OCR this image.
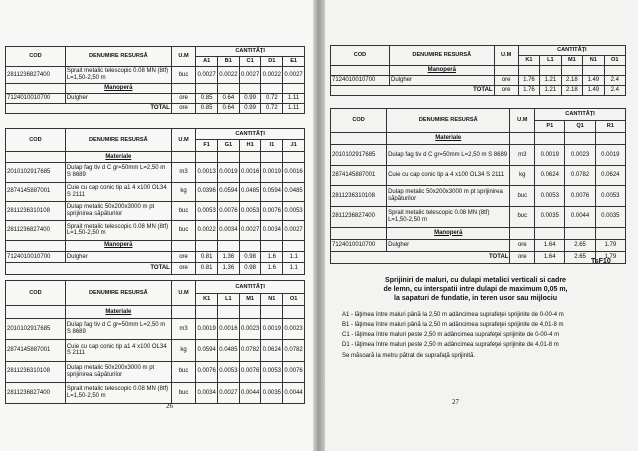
COD	DENUMIRE RESURSĂ	U.M	CANTITĂŢI				
			A1	B1	C1	D1	E1
2811236827400	Sprait metalic telescopic 0.08 MN (8tf) L=1,50-2,50 m	buc	0.0027	0.0022	0.0027	0.0022	0.0027
	Manoperă						
7124010010700	Dulgher	ore	0.85	0.64	0.99	0.72	1.11
TOTAL		ore	0.85	0.64	0.99	0.72	1.11
COD	DENUMIRE RESURSĂ	U.M	CANTITĂŢI				
			F1	G1	H1	I1	J1
	Materiale						
2010102917685	Dulap fag tiv d C gr=50mm L=2,50 m S 8689	m3	0.0013	0.0019	0.0016	0.0019	0.0016
2874145887001	Cuie cu cap conic tip a1 4 x100 OL34 S 2111	kg	0.0396	0.0594	0.0485	0.0594	0.0485
2811236310108	Dulap metalic 50x200x3000 m pt sprijinirea săpăturilor	buc	0.0053	0.0076	0.0053	0.0076	0.0053
2811236827400	Sprait metalic telescopic 0.08 MN (8tf) L=1,50-2,50 m	buc	0.0022	0.0034	0.0027	0.0034	0.0027
	Manoperă						
7124010010700	Dulgher	ore	0.81	1.36	0.98	1.6	1.1
TOTAL		ore	0.81	1.36	0.98	1.6	1.1
COD	DENUMIRE RESURSĂ	U.M	CANTITĂŢI				
			K1	L1	M1	N1	O1
	Materiale						
2010102917685	Dulap fag tiv d C gr=50mm L=2,50 m S 8689	m3	0.0019	0.0016	0.0023	0.0019	0.0023
2874145887001	Cuie cu cap conic tip a1 4 x100 OL34 S 2111	kg	0.0594	0.0485	0.0782	0.0624	0.0782
2811236310108	Dulap metalic 50x200x3000 m pt sprijinirea săpăturilor	buc	0.0076	0.0053	0.0076	0.0053	0.0076
2811236827400	Sprait metalic telescopic 0.08 MN (8tf) L=1,50-2,50 m	buc	0.0034	0.0027	0.0044	0.0035	0.0044
COD	DENUMIRE RESURSĂ	U.M	CANTITĂŢI				
			K1	L1	M1	N1	O1
	Manoperă						
7124010010700	Dulgher	ore	1.76	1.21	2.18	1.49	2.4
TOTAL		ore	1.76	1.21	2.18	1.49	2.4
COD	DENUMIRE RESURSĂ	U.M	CANTITĂŢI		
			P1	Q1	R1
	Materiale				
2010102917685	Dulap fag tiv d C gr=50mm L=2,50 m S 8689	m3	0.0019	0.0023	0.0019
2874145887001	Cuie cu cap conic tip a 4 x100 OL34 S 2111	kg	0.0624	0.0782	0.0624
2811236310108	Dulap metalic 50x200x3000 m pt sprijinirea săpăturilor	buc	0.0053	0.0076	0.0053
2811236827400	Sprait metalic telescopic 0.08 MN (8tf) L=1,50-2,50 m	buc	0.0035	0.0044	0.0035
	Manoperă				
7124010010700	Dulgher	ore	1.64	2.65	1.79
TOTAL		ore	1.64	2.65	1.79
26	27
TsF10
Sprijiniri de maluri, cu dulapi metalici verticali si cadre
de lemn, cu interspatii intre dulapi de maximum 0,05 m,
la sapaturi de fundatie, in teren usor sau mijlociu
A1 - lăţimea între maluri până la 2,50 m adâncimea suprafeţei sprijinite de 0-00-4 m
B1 - lăţimea între maluri până la 2,50 m adâncimea suprafeţei sprijinite de 4,01-8 m
C1 - lăţimea între maluri peste 2,50 m adâncimea suprafeţei sprijinite de 0-00-4 m
D1 - lăţimea între maluri peste 2,50 m adâncimea suprafeţei sprijinite de 4,01-8 m
Se măsoară la metru pătrat de suprafaţă sprijinită.
